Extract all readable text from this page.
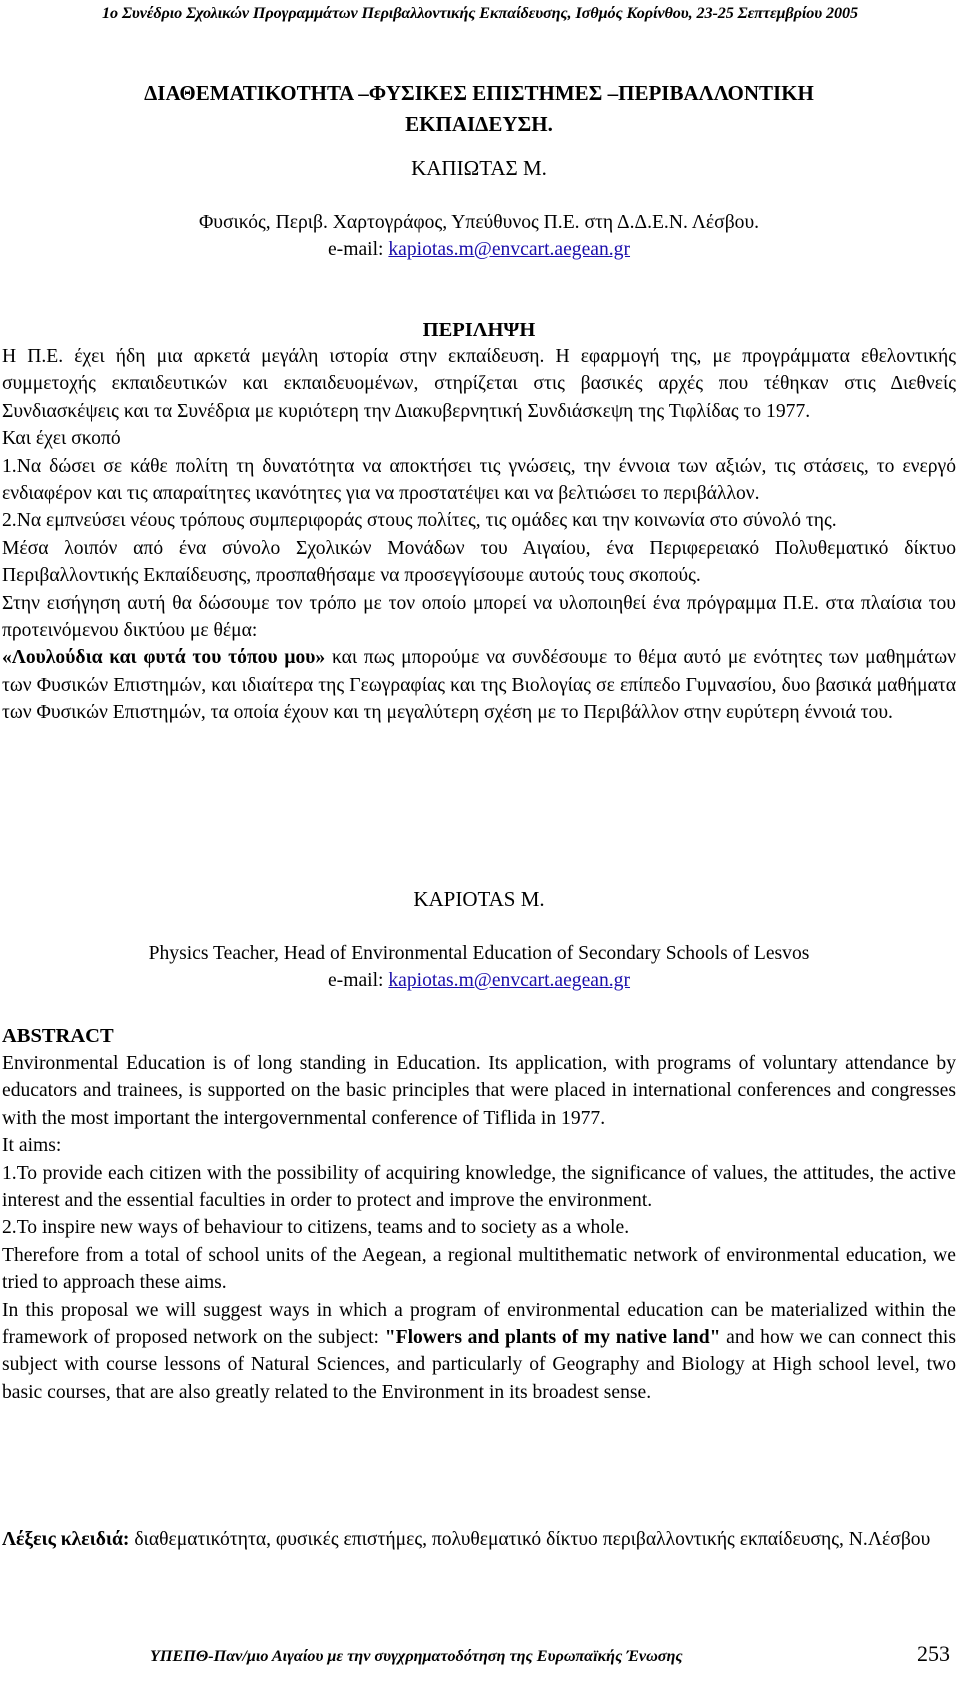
1ο Συνέδριο Σχολικών Προγραμμάτων Περιβαλλοντικής Εκπαίδευσης, Ισθμός Κορίνθου, 23-25 Σεπτεμβρίου 2005

ΔΙΑΘΕΜΑΤΙΚΟΤΗΤΑ –ΦΥΣΙΚΕΣ ΕΠΙΣΤΗΜΕΣ –ΠΕΡΙΒΑΛΛΟΝΤΙΚΗ

ΕΚΠΑΙΔΕΥΣΗ.

ΚΑΠΙΩΤΑΣ Μ.

Φυσικός, Περιβ. Χαρτογράφος, Υπεύθυνος Π.Ε. στη Δ.Δ.Ε.Ν. Λέσβου.

e-mail: kapiotas.m@envcart.aegean.gr

ΠΕΡΙΛΗΨΗ

Η Π.Ε. έχει ήδη μια αρκετά μεγάλη ιστορία στην εκπαίδευση. Η εφαρμογή της, με προγράμματα εθελοντικής συμμετοχής εκπαιδευτικών και εκπαιδευομένων, στηρίζεται στις βασικές αρχές που τέθηκαν στις Διεθνείς Συνδιασκέψεις και τα Συνέδρια με κυριότερη την Διακυβερνητική Συνδιάσκεψη της Τιφλίδας το 1977.

Και έχει σκοπό

1.Να δώσει σε κάθε πολίτη τη δυνατότητα να αποκτήσει τις γνώσεις, την έννοια των αξιών, τις στάσεις, το ενεργό ενδιαφέρον και τις απαραίτητες ικανότητες για να προστατέψει και να βελτιώσει το περιβάλλον.

2.Να εμπνεύσει νέους τρόπους συμπεριφοράς στους πολίτες, τις ομάδες και την κοινωνία στο σύνολό της.

Μέσα λοιπόν από ένα σύνολο Σχολικών Μονάδων του Αιγαίου, ένα Περιφερειακό Πολυθεματικό δίκτυο Περιβαλλοντικής Εκπαίδευσης, προσπαθήσαμε να προσεγγίσουμε αυτούς τους σκοπούς.

Στην εισήγηση αυτή θα δώσουμε τον τρόπο με τον οποίο μπορεί να υλοποιηθεί ένα πρόγραμμα Π.Ε. στα πλαίσια του προτεινόμενου δικτύου με θέμα:

«Λουλούδια και φυτά του τόπου μου» και πως μπορούμε να συνδέσουμε το θέμα αυτό με ενότητες των μαθημάτων των Φυσικών Επιστημών, και ιδιαίτερα της Γεωγραφίας και της Βιολογίας σε επίπεδο Γυμνασίου, δυο βασικά μαθήματα των Φυσικών Επιστημών, τα οποία έχουν και τη μεγαλύτερη σχέση με το Περιβάλλον στην ευρύτερη έννοιά του.

KAPIOTAS M.

Physics Teacher, Head of Environmental Education of Secondary Schools of Lesvos

e-mail: kapiotas.m@envcart.aegean.gr

ABSTRACT

Environmental Education is of long standing in Education. Its application, with programs of voluntary attendance by educators and trainees, is supported on the basic principles that were placed in international conferences and congresses with the most important the intergovernmental conference of Tiflida in 1977.

It aims:

1.To provide each citizen with the possibility of acquiring knowledge, the significance of values, the attitudes, the active interest and the essential faculties in order to protect and improve the environment.

2.To inspire new ways of behaviour to citizens, teams and to society as a whole.

Therefore from a total of school units of the Aegean, a regional multithematic network of environmental education, we tried to approach these aims.

In this proposal we will suggest ways in which a program of environmental education can be materialized within the framework of proposed network on the subject: "Flowers and plants of my native land" and how we can connect this subject with course lessons of Natural Sciences, and particularly of Geography and Biology at High school level, two basic courses, that are also greatly related to the Environment in its broadest sense.

Λέξεις κλειδιά: διαθεματικότητα, φυσικές επιστήμες, πολυθεματικό δίκτυο περιβαλλοντικής εκπαίδευσης, Ν.Λέσβου

ΥΠΕΠΘ-Παν/μιο Αιγαίου με την συγχρηματοδότηση της Ευρωπαϊκής Ένωσης	253
